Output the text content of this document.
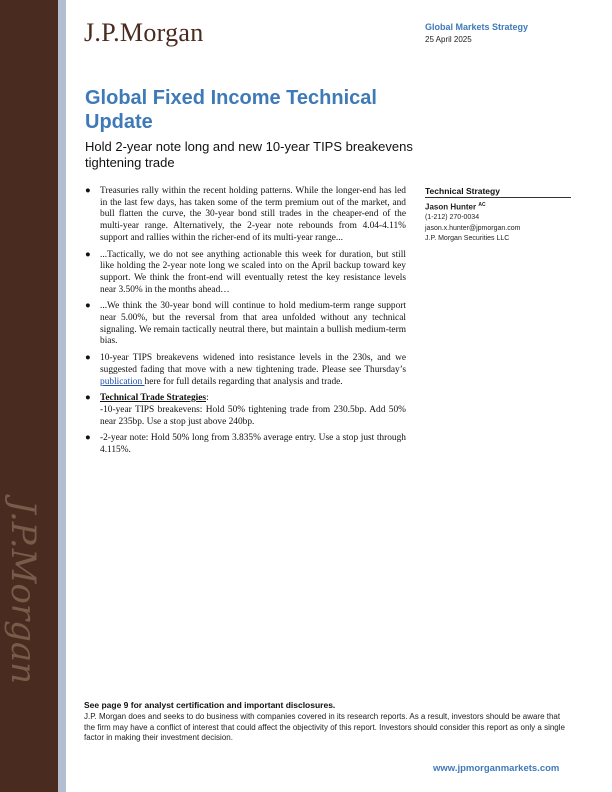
J.P.Morgan
J.P.Morgan	Global Markets Strategy
25 April 2025
Global Fixed Income Technical Update
Hold 2-year note long and new 10-year TIPS breakevens tightening trade
● Treasuries rally within the recent holding patterns. While the longer-end has led in the last few days, has taken some of the term premium out of the market, and bull flatten the curve, the 30-year bond still trades in the cheaper-end of the multi-year range. Alternatively, the 2-year note rebounds from 4.04-4.11% support and rallies within the richer-end of its multi-year range...
● ...Tactically, we do not see anything actionable this week for duration, but still like holding the 2-year note long we scaled into on the April backup toward key support. We think the front-end will eventually retest the key resistance levels near 3.50% in the months ahead…
● ...We think the 30-year bond will continue to hold medium-term range support near 5.00%, but the reversal from that area unfolded without any technical signaling. We remain tactically neutral there, but maintain a bullish medium-term bias.
● 10-year TIPS breakevens widened into resistance levels in the 230s, and we suggested fading that move with a new tightening trade. Please see Thursday’s publication here for full details regarding that analysis and trade.
● Technical Trade Strategies:
-10-year TIPS breakevens: Hold 50% tightening trade from 230.5bp. Add 50% near 235bp. Use a stop just above 240bp.
● -2-year note: Hold 50% long from 3.835% average entry. Use a stop just through 4.115%.
Technical Strategy
Jason Hunter $^{AC}$
(1-212) 270-0034
jason.x.hunter@jpmorgan.com
J.P. Morgan Securities LLC
See page 9 for analyst certification and important disclosures.
J.P. Morgan does and seeks to do business with companies covered in its research reports. As a result, investors should be aware that the firm may have a conflict of interest that could affect the objectivity of this report. Investors should consider this report as only a single factor in making their investment decision.
www.jpmorganmarkets.com
